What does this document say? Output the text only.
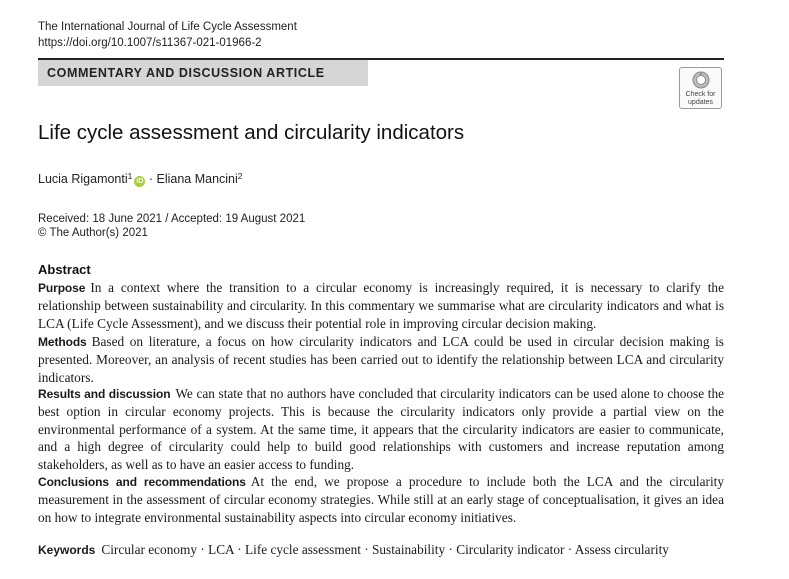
The International Journal of Life Cycle Assessment
https://doi.org/10.1007/s11367-021-01966-2
COMMENTARY AND DISCUSSION ARTICLE
Check for
updates
Life cycle assessment and circularity indicators
Lucia Rigamonti$^1$iD · Eliana Mancini$^2$
Received: 18 June 2021 / Accepted: 19 August 2021
© The Author(s) 2021
Abstract
Purpose In a context where the transition to a circular economy is increasingly required, it is necessary to clarify the relationship between sustainability and circularity. In this commentary we summarise what are circularity indicators and what is LCA (Life Cycle Assessment), and we discuss their potential role in improving circular decision making.
Methods Based on literature, a focus on how circularity indicators and LCA could be used in circular decision making is presented. Moreover, an analysis of recent studies has been carried out to identify the relationship between LCA and circularity indicators.
Results and discussion We can state that no authors have concluded that circularity indicators can be used alone to choose the best option in circular economy projects. This is because the circularity indicators only provide a partial view on the environmental performance of a system. At the same time, it appears that the circularity indicators are easier to communicate, and a high degree of circularity could help to build good relationships with customers and increase reputation among stakeholders, as well as to have an easier access to funding.
Conclusions and recommendations At the end, we propose a procedure to include both the LCA and the circularity measurement in the assessment of circular economy strategies. While still at an early stage of conceptualisation, it gives an idea on how to integrate environmental sustainability aspects into circular economy initiatives.
Keywords Circular economy · LCA · Life cycle assessment · Sustainability · Circularity indicator · Assess circularity
